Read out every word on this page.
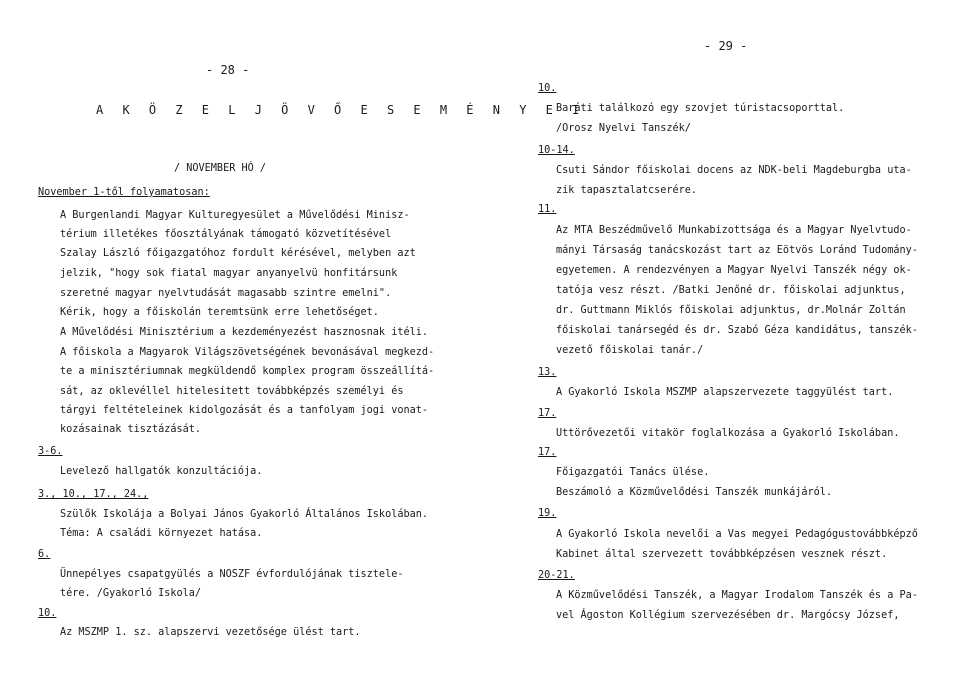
- 28 -
A K Ö Z E L J Ö V Ő E S E M É N Y E I
/ NOVEMBER HÓ /
November 1-től folyamatosan:
A Burgenlandi Magyar Kulturegyesület a Művelődési Minisz-
térium illetékes főosztályának támogató közvetítésével
Szalay László főigazgatóhoz fordult kérésével, melyben azt
jelzik, "hogy sok fiatal magyar anyanyelvü honfitársunk
szeretné magyar nyelvtudását magasabb szintre emelni".
Kérik, hogy a főiskolán teremtsünk erre lehetőséget.
A Művelődési Minisztérium a kezdeményezést hasznosnak itéli.
A főiskola a Magyarok Világszövetségének bevonásával megkezd-
te a minisztériumnak megküldendő komplex program összeállítá-
sát, az oklevéllel hitelesitett továbbképzés személyi és
tárgyi feltételeinek kidolgozását és a tanfolyam jogi vonat-
kozásainak tisztázását.
3-6.
Levelező hallgatók konzultációja.
3., 10., 17., 24.,
Szülők Iskolája a Bolyai János Gyakorló Általános Iskolában.
Téma: A családi környezet hatása.
6.
Ünnepélyes csapatgyülés a NOSZF évfordulójának tisztele-
tére. /Gyakorló Iskola/
10.
Az MSZMP 1. sz. alapszervi vezetősége ülést tart.
- 29 -
10.
Baráti találkozó egy szovjet túristacsoporttal.
/Orosz Nyelvi Tanszék/
10-14.
Csuti Sándor főiskolai docens az NDK-beli Magdeburgba uta-
zik tapasztalatcserére.
11.
Az MTA Beszédművelő Munkabizottsága és a Magyar Nyelvtudo-
mányi Társaság tanácskozást tart az Eötvös Loránd Tudomány-
egyetemen. A rendezvényen a Magyar Nyelvi Tanszék négy ok-
tatója vesz részt. /Batki Jenőné dr. főiskolai adjunktus,
dr. Guttmann Miklós főiskolai adjunktus, dr.Molnár Zoltán
főiskolai tanársegéd és dr. Szabó Géza kandidátus, tanszék-
vezető főiskolai tanár./
13.
A Gyakorló Iskola MSZMP alapszervezete taggyülést tart.
17.
Uttörővezetői vitakör foglalkozása a Gyakorló Iskolában.
17.
Főigazgatói Tanács ülése.
Beszámoló a Közművelődési Tanszék munkájáról.
19.
A Gyakorló Iskola nevelői a Vas megyei Pedagógustovábbképző
Kabinet által szervezett továbbképzésen vesznek részt.
20-21.
A Közművelődési Tanszék, a Magyar Irodalom Tanszék és a Pa-
vel Ágoston Kollégium szervezésében dr. Margócsy József,
